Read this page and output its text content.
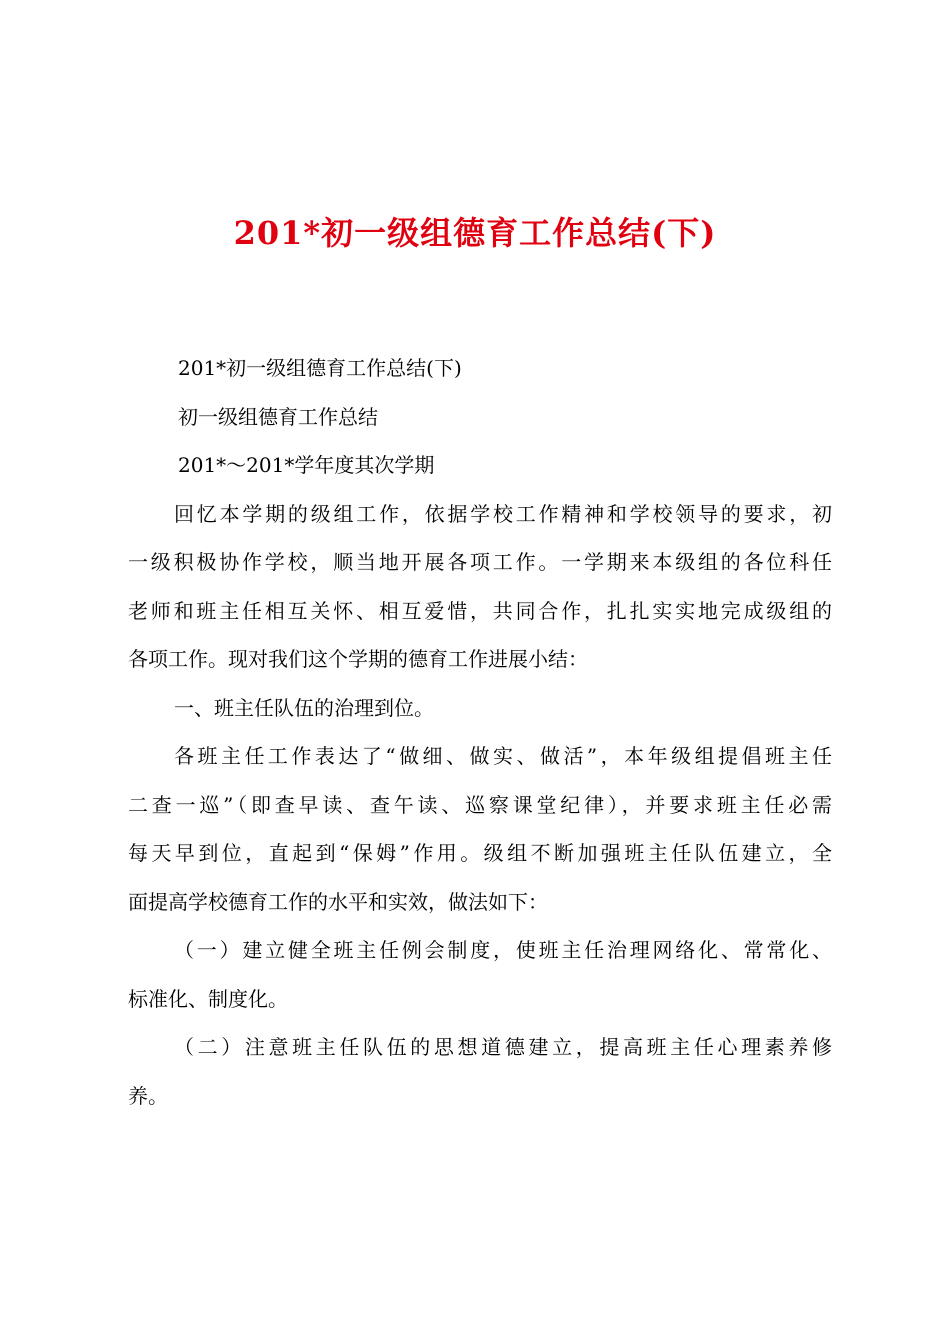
201*初一级组德育工作总结(下)

201*初一级组德育工作总结(下)

初一级组德育工作总结

201*～201*学年度其次学期

回忆本学期的级组工作，依据学校工作精神和学校领导的要求，初

一级积极协作学校，顺当地开展各项工作。一学期来本级组的各位科任

老师和班主任相互关怀、相互爱惜，共同合作，扎扎实实地完成级组的

各项工作。现对我们这个学期的德育工作进展小结：

一、班主任队伍的治理到位。

各班主任工作表达了“做细、做实、做活”，本年级组提倡班主任

二查一巡”（即查早读、查午读、巡察课堂纪律），并要求班主任必需

每天早到位，直起到“保姆”作用。级组不断加强班主任队伍建立，全

面提高学校德育工作的水平和实效，做法如下：

（一）建立健全班主任例会制度，使班主任治理网络化、常常化、

标准化、制度化。

（二）注意班主任队伍的思想道德建立，提高班主任心理素养修

养。
